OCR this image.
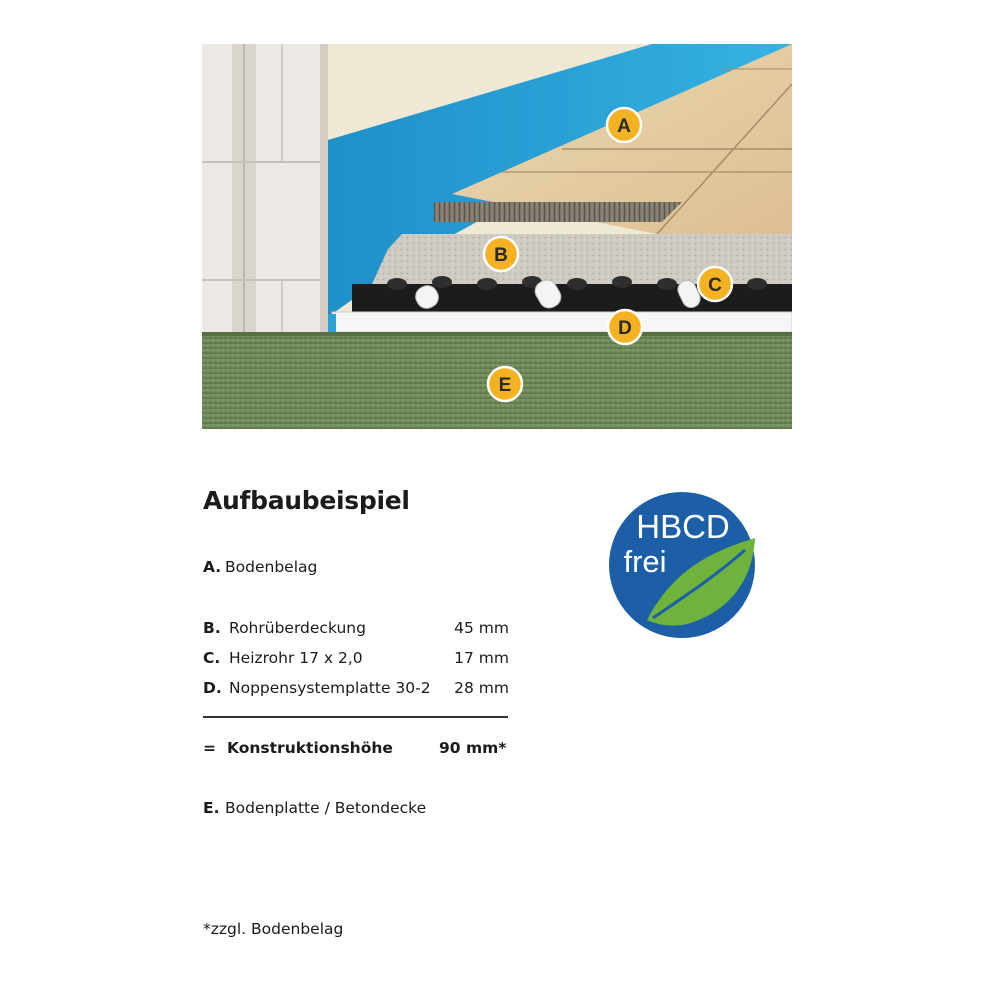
A
B
C
D
E
Aufbaubeispiel
A. Bodenbelag
B. Rohrüberdeckung	45 mm
C. Heizrohr 17 x 2,0	17 mm
D. Noppensystemplatte 30-2	28 mm
= Konstruktionshöhe	90 mm*
E. Bodenplatte / Betondecke
*zzgl. Bodenbelag
HBCD
frei
